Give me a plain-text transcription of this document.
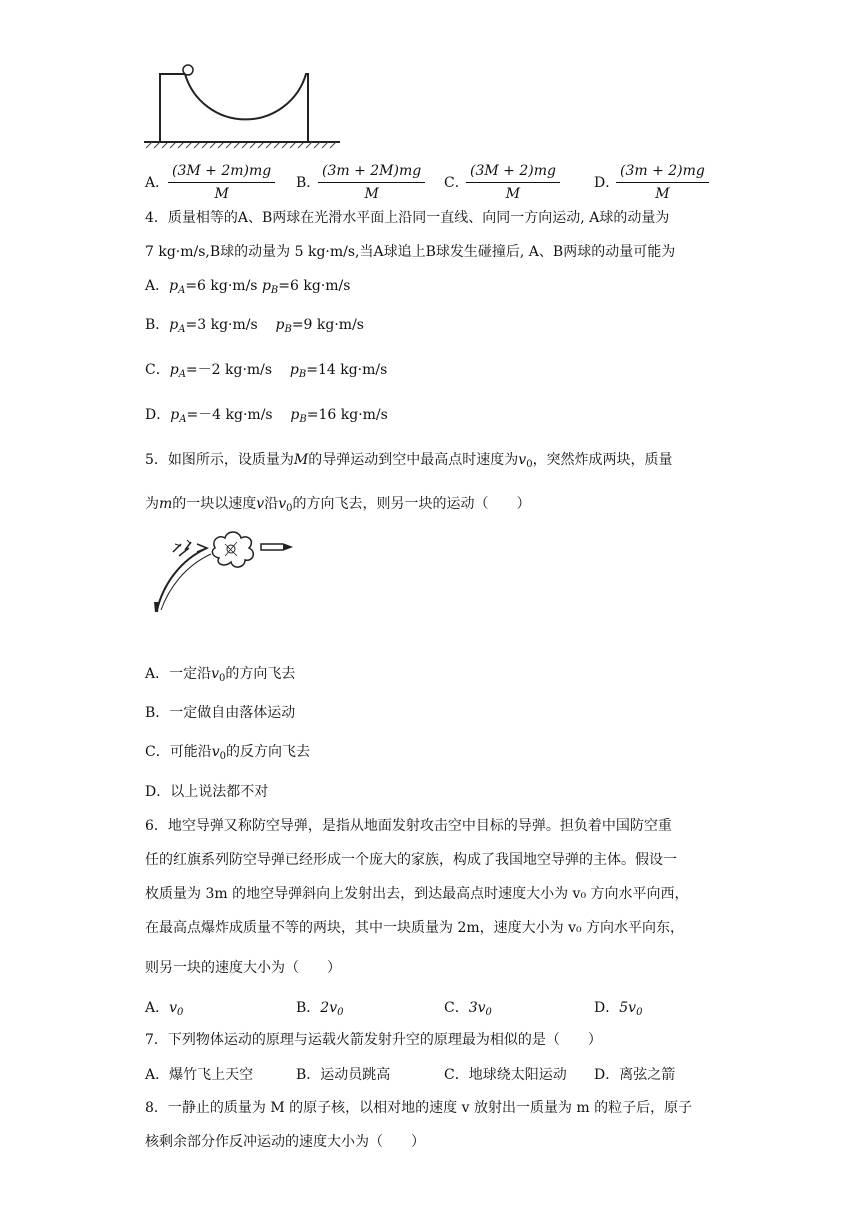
A．
$\frac{(3M + 2m)mg}{M}$ B．
$\frac{(3m + 2M)mg}{M}$ C．
$\frac{(3M + 2)mg}{M}$ D．
$\frac{(3m + 2)mg}{M}$
4．质量相等的A、B两球在光滑水平面上沿同一直线、向同一方向运动, A球的动量为
7 kg·m/s,B球的动量为 5 kg·m/s,当A球追上B球发生碰撞后, A、B两球的动量可能为
A．$p_A=6$ kg·m/s $p_B=6$ kg·m/s
B．$p_A=3$ kg·m/s $p_B=9$ kg·m/s
C．$p_A=-2$ kg·m/s $p_B=14$ kg·m/s
D．$p_A=-4$ kg·m/s $p_B=16$ kg·m/s
5．如图所示，设质量为M的导弹运动到空中最高点时速度为$v_0$，突然炸成两块，质量
为m的一块以速度v沿$v_0$的方向飞去，则另一块的运动（　　）
A．一定沿$v_0$的方向飞去
B．一定做自由落体运动
C．可能沿$v_0$的反方向飞去
D．以上说法都不对
6．地空导弹又称防空导弹，是指从地面发射攻击空中目标的导弹。担负着中国防空重
任的红旗系列防空导弹已经形成一个庞大的家族，构成了我国地空导弹的主体。假设一
枚质量为 3m 的地空导弹斜向上发射出去，到达最高点时速度大小为 v₀ 方向水平向西，
在最高点爆炸成质量不等的两块，其中一块质量为 2m，速度大小为 v₀ 方向水平向东，
则另一块的速度大小为（　　）
A．$v_0$	B．$2v_0$	C．$3v_0$	D．$5v_0$
7．下列物体运动的原理与运载火箭发射升空的原理最为相似的是（　　）
A．爆竹飞上天空	B．运动员跳高	C．地球绕太阳运动 D．离弦之箭
8．一静止的质量为 M 的原子核，以相对地的速度 v 放射出一质量为 m 的粒子后，原子
核剩余部分作反冲运动的速度大小为（　　）
